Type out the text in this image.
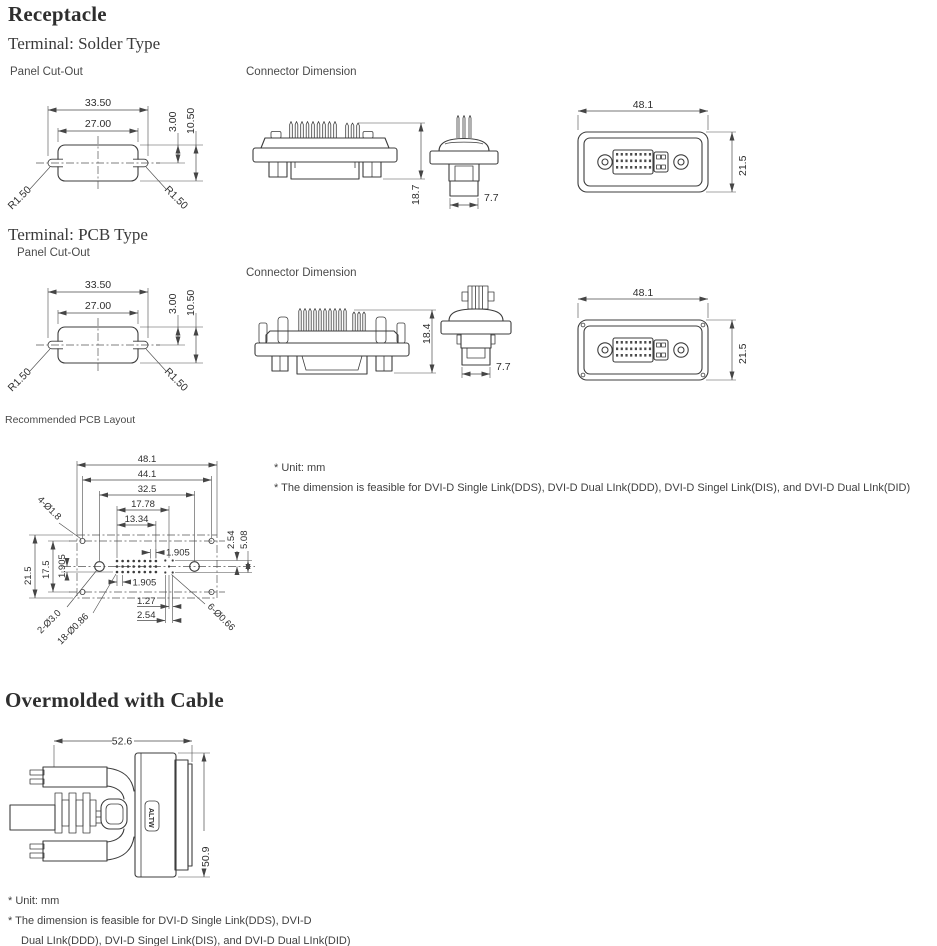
Receptacle
Terminal: Solder Type
Panel Cut-Out	Connector Dimension
33.50
27.00	3.00 10.50
R1.50	R1.50	18.7	7.7
48.1
21.5
Terminal: PCB Type
Panel Cut-Out
Connector Dimension
33.50
27.00	3.00 10.50
R1.50	R1.50
18.4
7.7
48.1
21.5
Recommended PCB Layout
48.1
44.1
32.5
17.78
13.34
21.5 17.5 1.905
1.905
1.905
2.54 5.08
1.27
2.54
4-Ø1.8
2-Ø3.0
18-Ø0.86	6-Ø0.66
* Unit: mm
* The dimension is feasible for DVI-D Single Link(DDS), DVI-D Dual LInk(DDD), DVI-D Singel Link(DIS), and DVI-D Dual LInk(DID)
Overmolded with Cable
52.6
ALTW
50.9
* Unit: mm
* The dimension is feasible for DVI-D Single Link(DDS), DVI-D
Dual LInk(DDD), DVI-D Singel Link(DIS), and DVI-D Dual LInk(DID)
